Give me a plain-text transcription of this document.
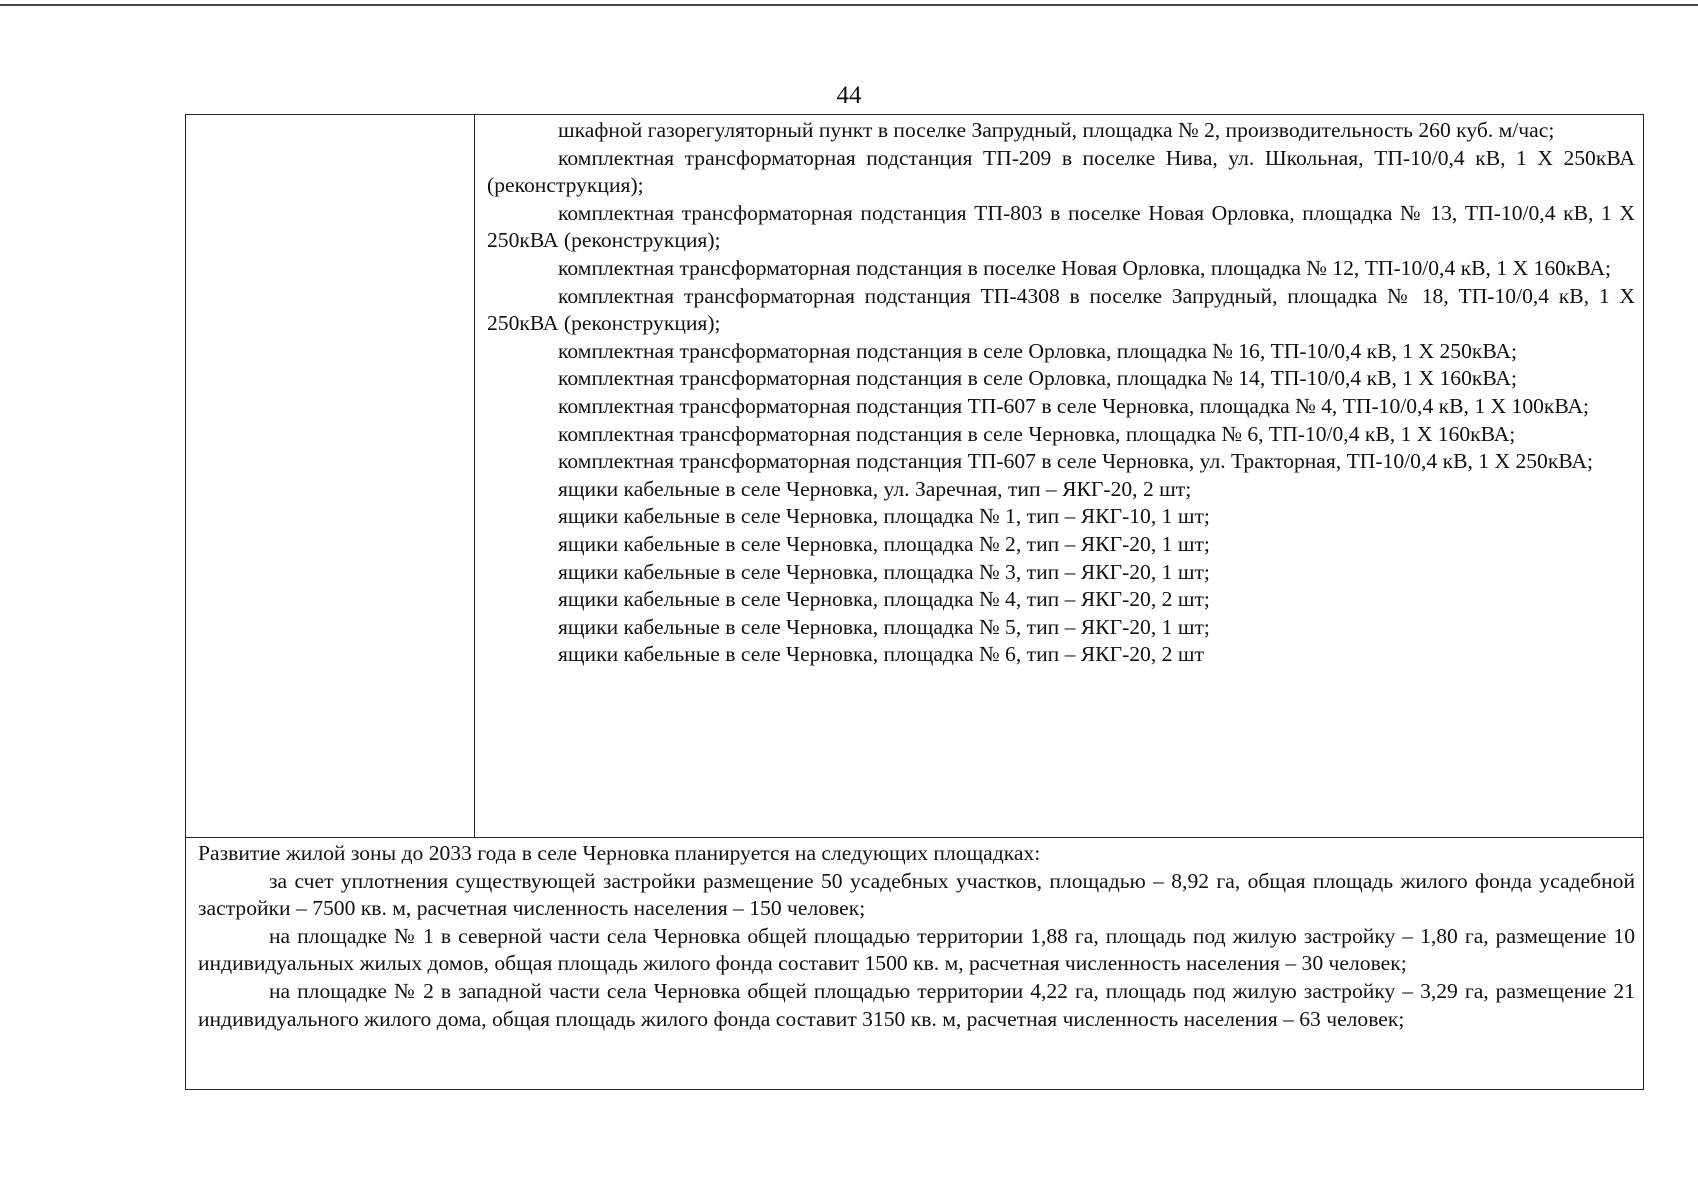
44

шкафной газорегуляторный пункт в поселке Запрудный, площадка № 2, производительность 260 куб. м/час;

комплектная трансформаторная подстанция ТП-209 в поселке Нива, ул. Школьная, ТП-10/0,4 кВ, 1 X 250кВА (реконструкция);

комплектная трансформаторная подстанция ТП-803 в поселке Новая Орловка, площадка № 13, ТП-10/0,4 кВ, 1 X 250кВА (реконструкция);

комплектная трансформаторная подстанция в поселке Новая Орловка, площадка № 12, ТП-10/0,4 кВ, 1 X 160кВА;

комплектная трансформаторная подстанция ТП-4308 в поселке Запрудный, площадка № 18, ТП-10/0,4 кВ, 1 X 250кВА (реконструкция);

комплектная трансформаторная подстанция в селе Орловка, площадка № 16, ТП-10/0,4 кВ, 1 X 250кВА;

комплектная трансформаторная подстанция в селе Орловка, площадка № 14, ТП-10/0,4 кВ, 1 X 160кВА;

комплектная трансформаторная подстанция ТП-607 в селе Черновка, площадка № 4, ТП-10/0,4 кВ, 1 X 100кВА;

комплектная трансформаторная подстанция в селе Черновка, площадка № 6, ТП-10/0,4 кВ, 1 X 160кВА;

комплектная трансформаторная подстанция ТП-607 в селе Черновка, ул. Тракторная, ТП-10/0,4 кВ, 1 X 250кВА;

ящики кабельные в селе Черновка, ул. Заречная, тип – ЯКГ-20, 2 шт;

ящики кабельные в селе Черновка, площадка № 1, тип – ЯКГ-10, 1 шт;

ящики кабельные в селе Черновка, площадка № 2, тип – ЯКГ-20, 1 шт;

ящики кабельные в селе Черновка, площадка № 3, тип – ЯКГ-20, 1 шт;

ящики кабельные в селе Черновка, площадка № 4, тип – ЯКГ-20, 2 шт;

ящики кабельные в селе Черновка, площадка № 5, тип – ЯКГ-20, 1 шт;

ящики кабельные в селе Черновка, площадка № 6, тип – ЯКГ-20, 2 шт

Развитие жилой зоны до 2033 года в селе Черновка планируется на следующих площадках:

за счет уплотнения существующей застройки размещение 50 усадебных участков, площадью – 8,92 га, общая площадь жилого фонда усадебной застройки – 7500 кв. м, расчетная численность населения – 150 человек;

на площадке № 1 в северной части села Черновка общей площадью территории 1,88 га, площадь под жилую застройку – 1,80 га, размещение 10 индивидуальных жилых домов, общая площадь жилого фонда составит 1500 кв. м, расчетная численность населения – 30 человек;

на площадке № 2 в западной части села Черновка общей площадью территории 4,22 га, площадь под жилую застройку – 3,29 га, размещение 21 индивидуального жилого дома, общая площадь жилого фонда составит 3150 кв. м, расчетная численность населения – 63 человек;
